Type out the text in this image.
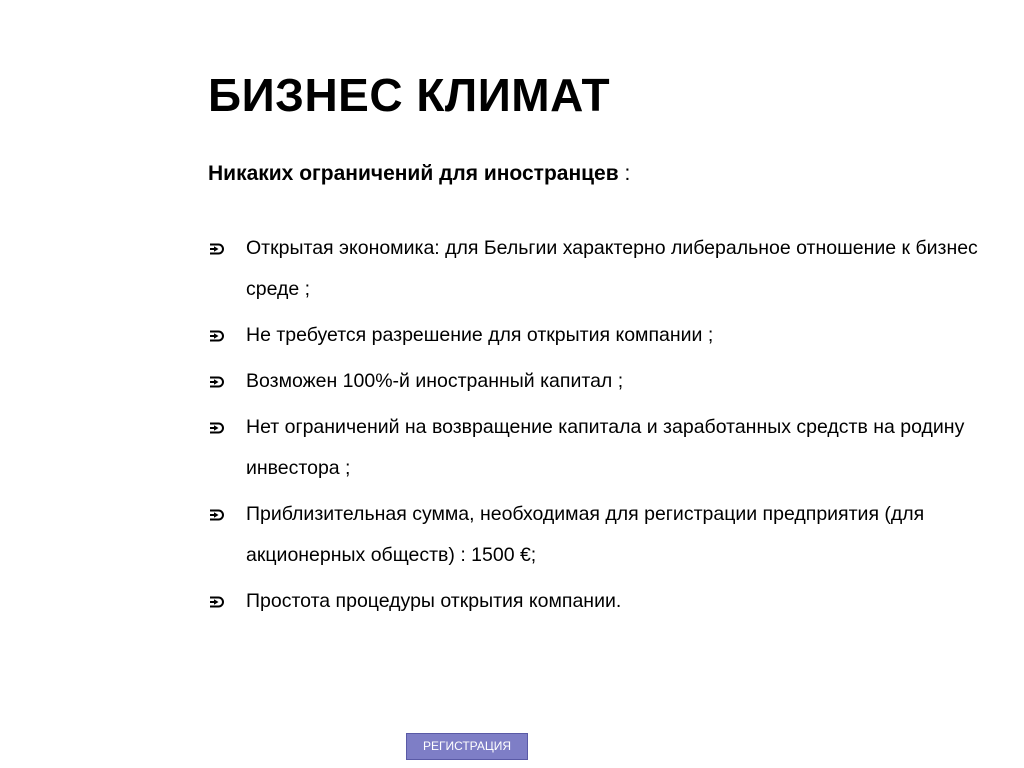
БИЗНЕС КЛИМАТ

Никаких ограничений для иностранцев :

Открытая экономика: для Бельгии характерно либеральное отношение к бизнес среде ;
Не требуется разрешение для открытия компании ;
Возможен 100%-й иностранный капитал ;
Нет ограничений на возвращение капитала и заработанных средств на родину инвестора ;
Приблизительная сумма, необходимая для регистрации предприятия (для акционерных обществ) : 1500 €;
Простота процедуры открытия компании.
РЕГИСТРАЦИЯ
